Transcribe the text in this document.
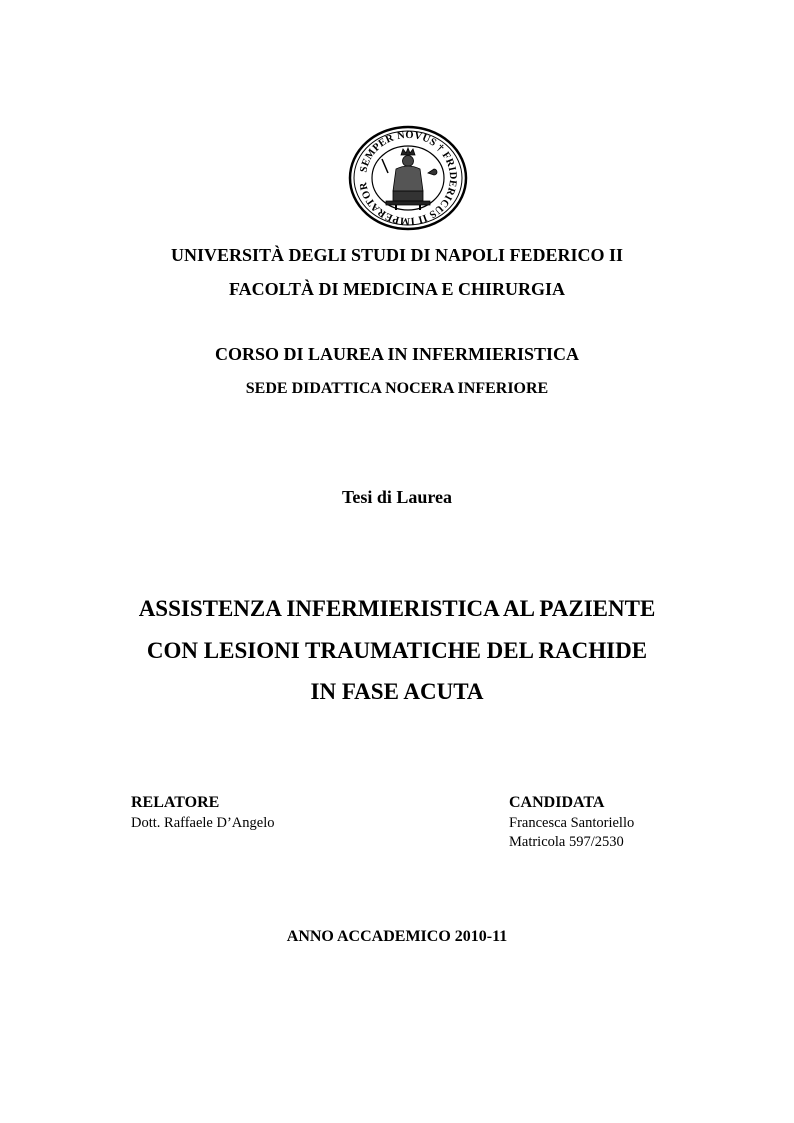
SEMPER NOVUS † FRIDERICUS II IMPERATOR
UNIVERSITÀ DEGLI STUDI DI NAPOLI FEDERICO II
FACOLTÀ DI MEDICINA E CHIRURGIA
CORSO DI LAUREA IN INFERMIERISTICA
SEDE DIDATTICA NOCERA INFERIORE
Tesi di Laurea
ASSISTENZA INFERMIERISTICA AL PAZIENTE
CON LESIONI TRAUMATICHE DEL RACHIDE
IN FASE ACUTA
RELATORE
Dott. Raffaele D’Angelo
CANDIDATA
Francesca Santoriello
Matricola 597/2530
ANNO ACCADEMICO 2010-11
